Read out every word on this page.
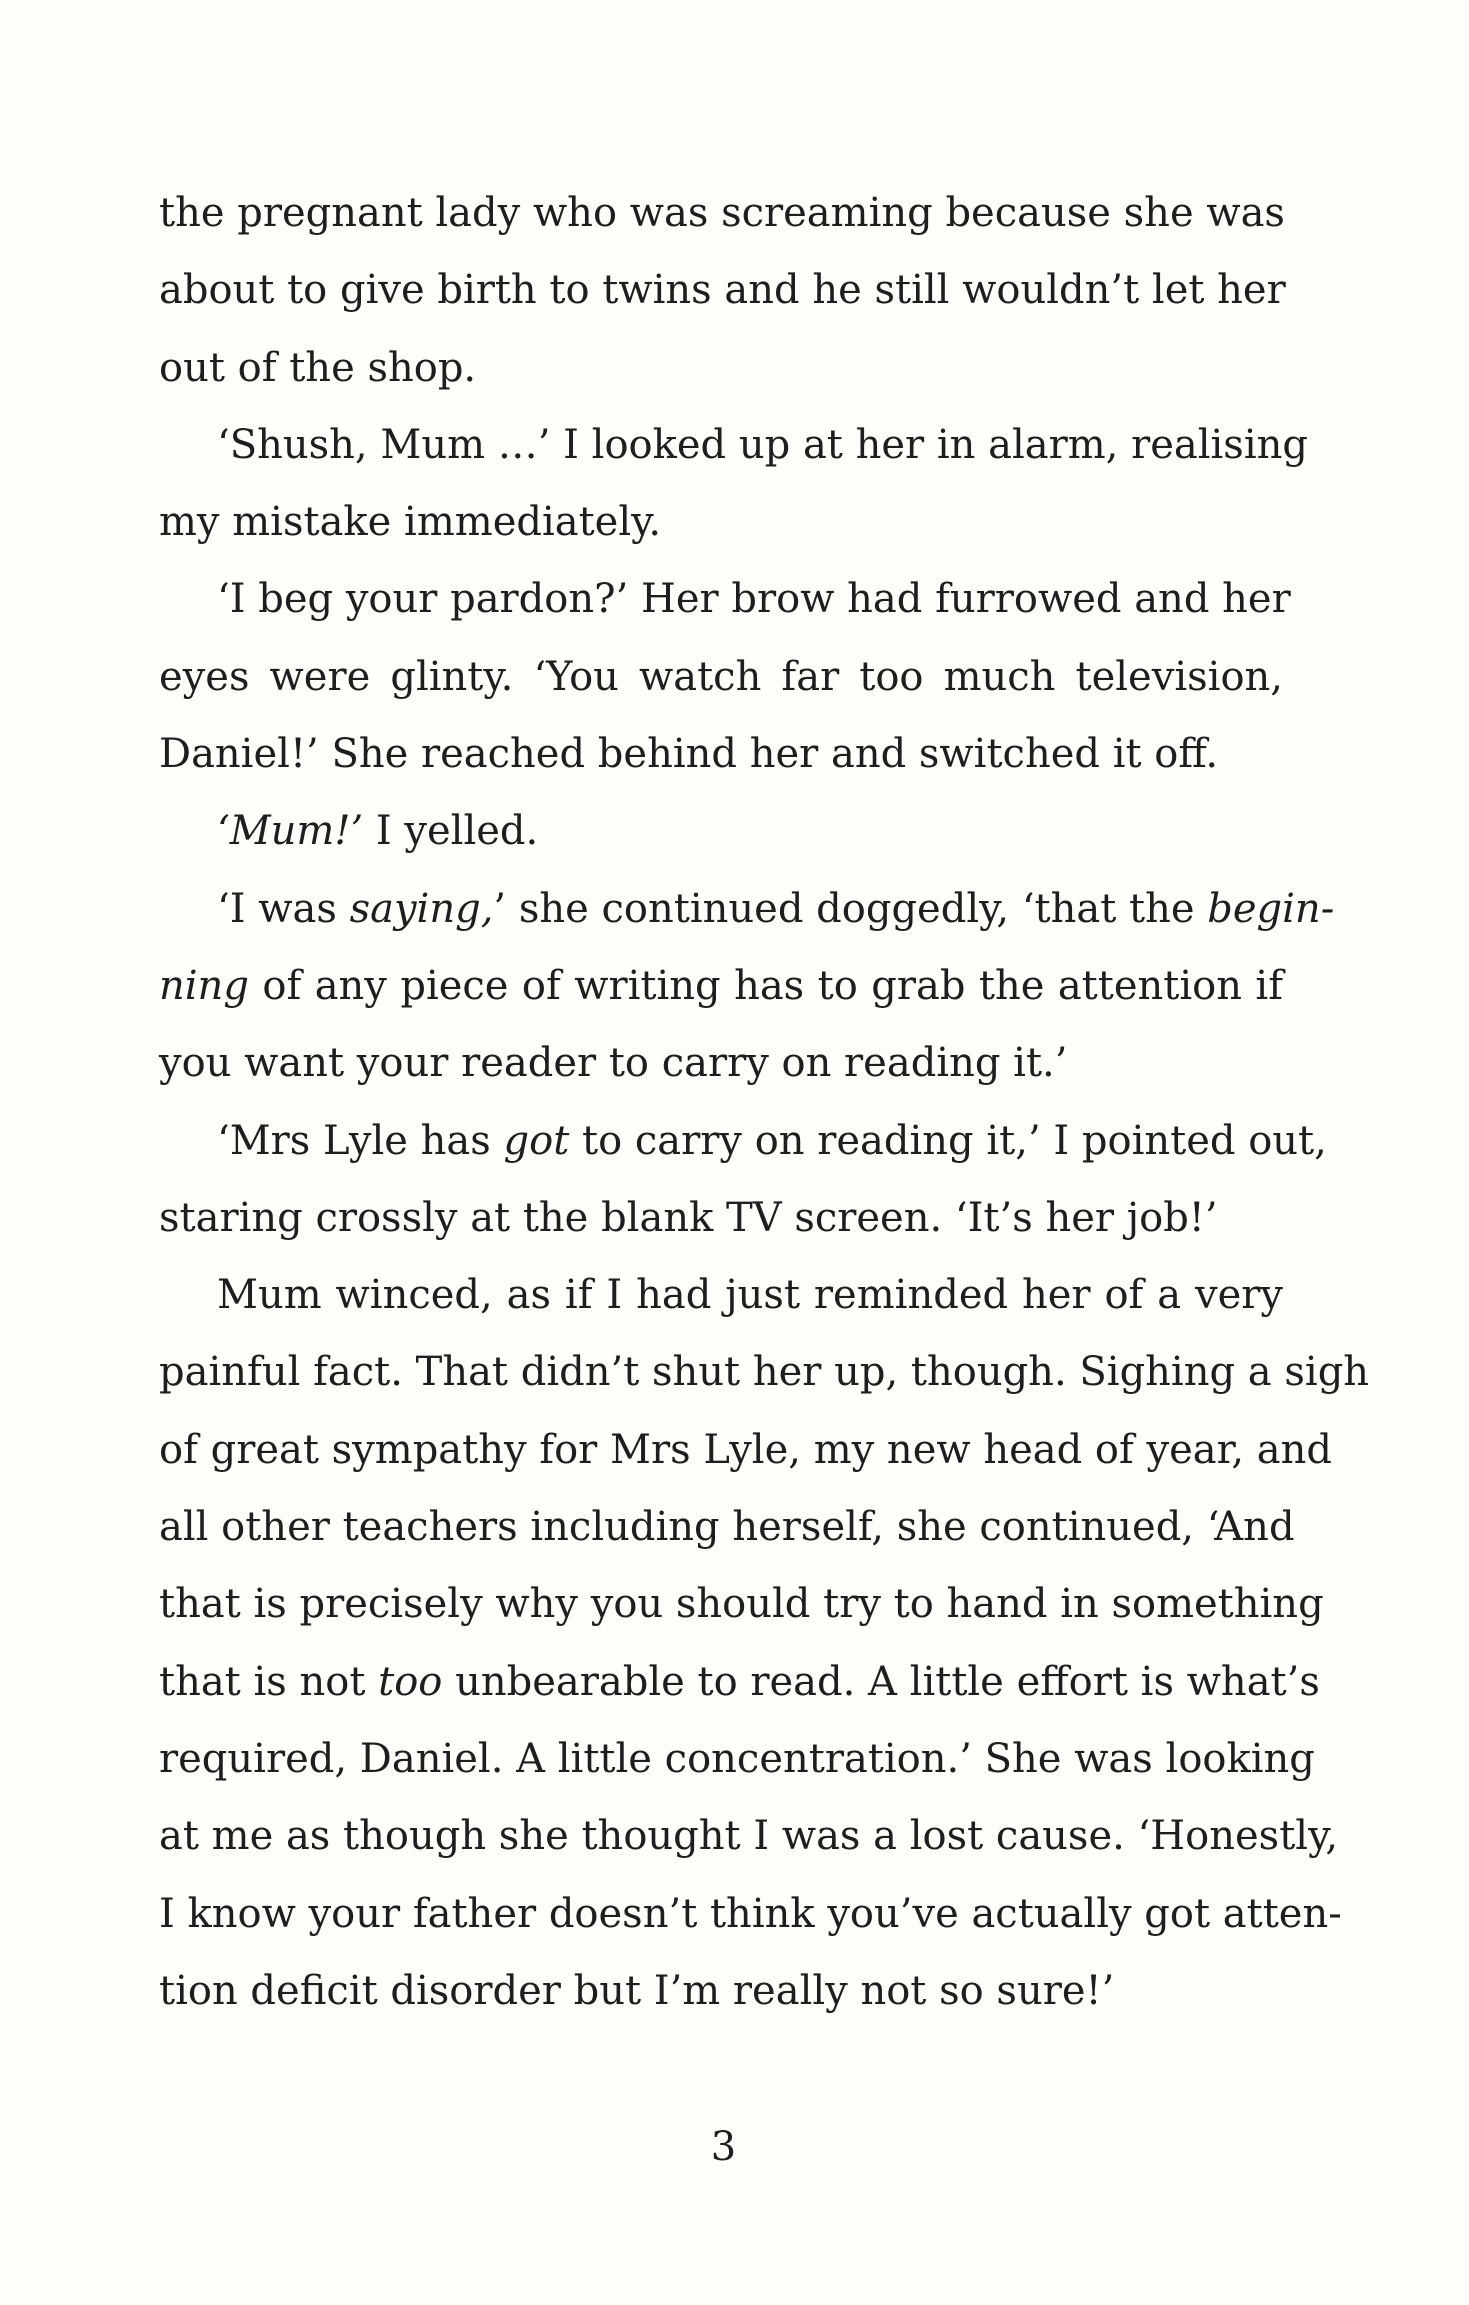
the pregnant lady who was screaming because she was
about to give birth to twins and he still wouldn’t let her
out of the shop.
‘Shush, Mum …’ I looked up at her in alarm, realising
my mistake immediately.
‘I beg your pardon?’ Her brow had furrowed and her
eyes were glinty. ‘You watch far too much television,
Daniel!’ She reached behind her and switched it off.
‘Mum!’ I yelled.
‘I was saying,’ she continued doggedly, ‘that the begin-
ning of any piece of writing has to grab the attention if
you want your reader to carry on reading it.’
‘Mrs Lyle has got to carry on reading it,’ I pointed out,
staring crossly at the blank TV screen. ‘It’s her job!’
Mum winced, as if I had just reminded her of a very
painful fact. That didn’t shut her up, though. Sighing a sigh
of great sympathy for Mrs Lyle, my new head of year, and
all other teachers including herself, she continued, ‘And
that is precisely why you should try to hand in something
that is not too unbearable to read. A little effort is what’s
required, Daniel. A little concentration.’ She was looking
at me as though she thought I was a lost cause. ‘Honestly,
I know your father doesn’t think you’ve actually got atten-
tion deficit disorder but I’m really not so sure!’
3
